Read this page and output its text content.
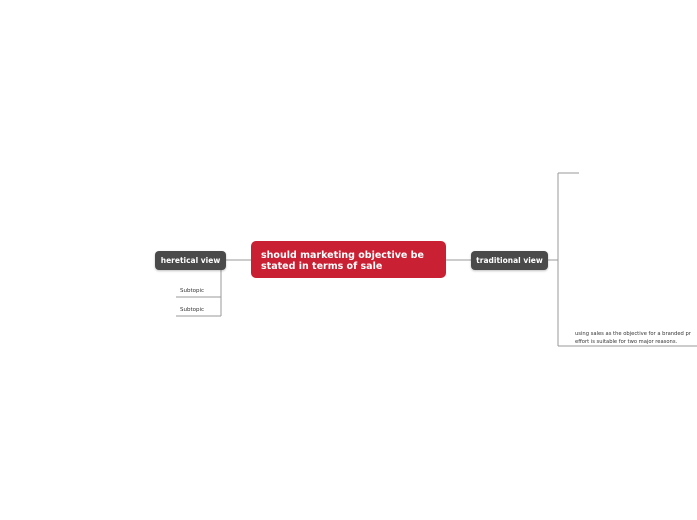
should marketing objective be stated in terms of sale
heretical view	traditional view
Subtopic
Subtopic
using sales as the objective for a branded pr
effort is suitable for two major reasons.
